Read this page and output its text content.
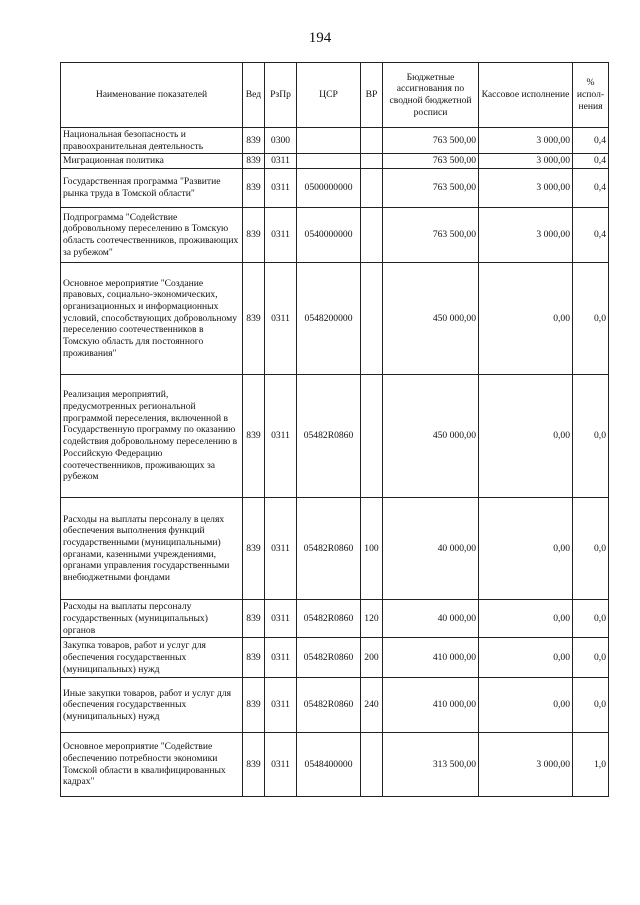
194
Наименование показателей	Вед	РзПр	ЦСР	ВР	Бюджетные ассигнования по сводной бюджетной росписи	Кассовое исполнение	% испол-нения
Национальная безопасность и правоохранительная деятельность	839	0300			763 500,00	3 000,00	0,4
Миграционная политика	839	0311			763 500,00	3 000,00	0,4
Государственная программа "Развитие рынка труда в Томской области"	839	0311	0500000000		763 500,00	3 000,00	0,4
Подпрограмма "Содействие добровольному переселению в Томскую область соотечественников, проживающих за рубежом"	839	0311	0540000000		763 500,00	3 000,00	0,4
Основное мероприятие "Создание правовых, социально-экономических, организационных и информационных условий, способствующих добровольному переселению соотечественников в Томскую область для постоянного проживания"	839	0311	0548200000		450 000,00	0,00	0,0
Реализация мероприятий, предусмотренных региональной программой переселения, включенной в Государственную программу по оказанию содействия добровольному переселению в Российскую Федерацию соотечественников, проживающих за рубежом	839	0311	05482R0860		450 000,00	0,00	0,0
Расходы на выплаты персоналу в целях обеспечения выполнения функций государственными (муниципальными) органами, казенными учреждениями, органами управления государственными внебюджетными фондами	839	0311	05482R0860	100	40 000,00	0,00	0,0
Расходы на выплаты персоналу государственных (муниципальных) органов	839	0311	05482R0860	120	40 000,00	0,00	0,0
Закупка товаров, работ и услуг для обеспечения государственных (муниципальных) нужд	839	0311	05482R0860	200	410 000,00	0,00	0,0
Иные закупки товаров, работ и услуг для обеспечения государственных (муниципальных) нужд	839	0311	05482R0860	240	410 000,00	0,00	0,0
Основное мероприятие "Содействие обеспечению потребности экономики Томской области в квалифицированных кадрах"	839	0311	0548400000		313 500,00	3 000,00	1,0
